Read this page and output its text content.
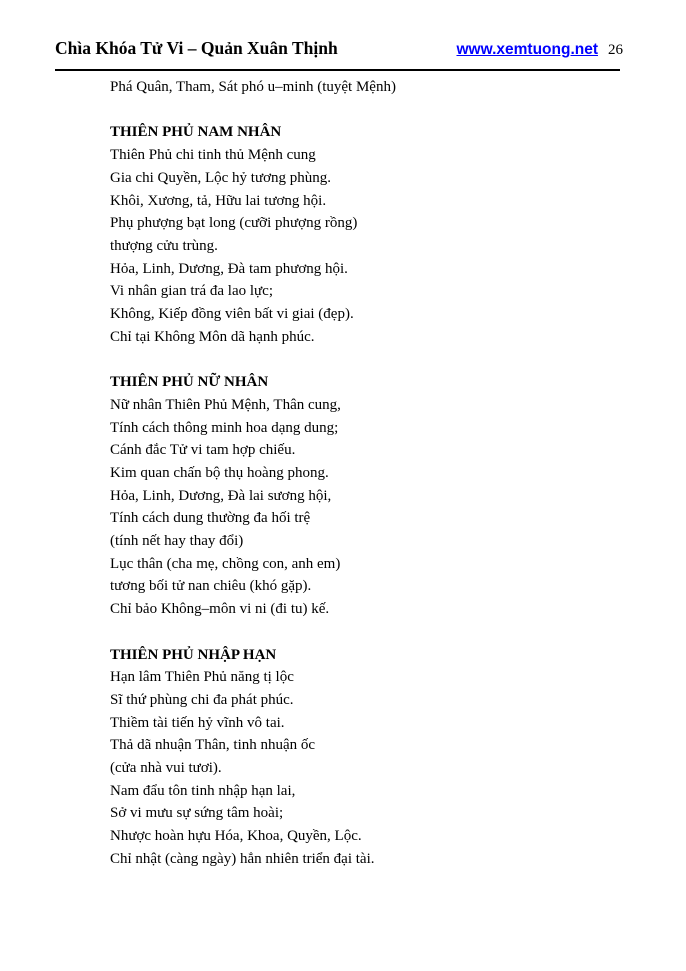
Chìa Khóa Tử Vi – Quản Xuân Thịnh	www.xemtuong.net 26

Phá Quân, Tham, Sát phó u–minh (tuyệt Mệnh)

THIÊN PHỦ NAM NHÂN

Thiên Phủ chi tinh thủ Mệnh cung

Gia chi Quyền, Lộc hỷ tương phùng.

Khôi, Xương, tả, Hữu lai tương hội.

Phụ phượng bạt long (cưỡi phượng rồng)

thượng cửu trùng.

Hỏa, Linh, Dương, Đà tam phương hội.

Vi nhân gian trá đa lao lực;

Không, Kiếp đồng viên bất vi giai (đẹp).

Chỉ tại Không Môn dã hạnh phúc.

THIÊN PHỦ NỮ NHÂN

Nữ nhân Thiên Phủ Mệnh, Thân cung,

Tính cách thông minh hoa dạng dung;

Cánh đắc Tử vi tam hợp chiếu.

Kim quan chấn bộ thụ hoàng phong.

Hỏa, Linh, Dương, Đà lai sương hội,

Tính cách dung thường đa hối trệ

(tính nết hay thay đổi)

Lục thân (cha mẹ, chồng con, anh em)

tương bối tử nan chiêu (khó gặp).

Chỉ bảo Không–môn vi ni (đi tu) kế.

THIÊN PHỦ NHẬP HẠN

Hạn lâm Thiên Phủ năng tị lộc

Sĩ thứ phùng chi đa phát phúc.

Thiềm tài tiến hỷ vĩnh vô tai.

Thả dã nhuận Thân, tinh nhuận ốc

(cửa nhà vui tươi).

Nam đẩu tôn tinh nhập hạn lai,

Sở vi mưu sự sứng tâm hoài;

Nhược hoàn hựu Hóa, Khoa, Quyền, Lộc.

Chỉ nhật (càng ngày) hẳn nhiên triển đại tài.
